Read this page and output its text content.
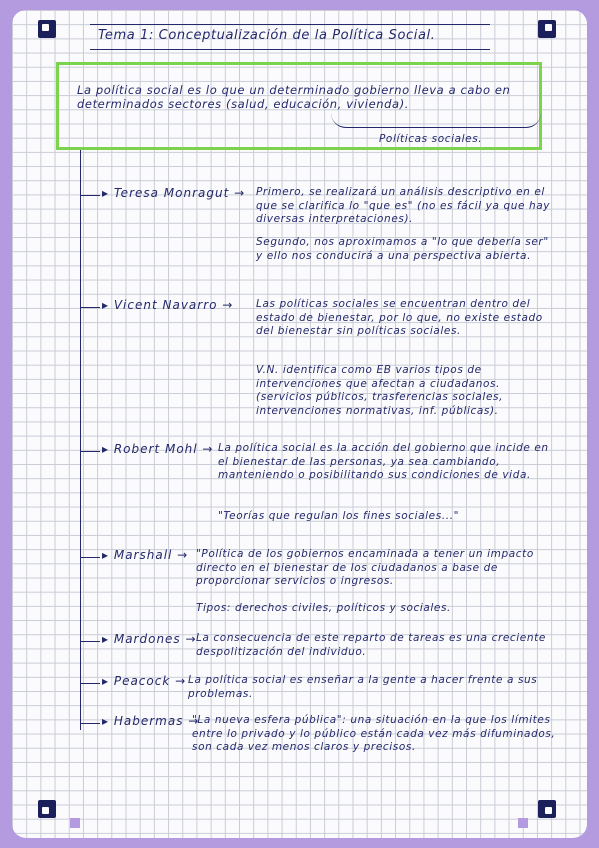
Tema 1: Conceptualización de la Política Social.
La política social es lo que un determinado gobierno lleva a cabo en determinados sectores (salud, educación, vivienda).
Políticas sociales.
▸ Teresa Monragut → Primero, se realizará un análisis descriptivo en el que se clarifica lo "que es" (no es fácil ya que hay diversas interpretaciones).
Segundo, nos aproximamos a "lo que debería ser" y ello nos conducirá a una perspectiva abierta.
▸ Vicent Navarro → Las políticas sociales se encuentran dentro del estado de bienestar, por lo que, no existe estado del bienestar sin políticas sociales.
V.N. identifica como EB varios tipos de intervenciones que afectan a ciudadanos. (servicios públicos, trasferencias sociales, intervenciones normativas, inf. públicas).
▸ Robert Mohl → La política social es la acción del gobierno que incide en el bienestar de las personas, ya sea cambiando, manteniendo o posibilitando sus condiciones de vida.
"Teorías que regulan los fines sociales..."
▸ Marshall → "Política de los gobiernos encaminada a tener un impacto directo en el bienestar de los ciudadanos a base de proporcionar servicios o ingresos.
Tipos: derechos civiles, políticos y sociales.
▸ Mardones → La consecuencia de este reparto de tareas es una creciente despolitización del individuo.
▸ Peacock → La política social es enseñar a la gente a hacer frente a sus problemas.
▸ Habermas →
"La nueva esfera pública": una situación en la que los límites entre lo privado y lo público están cada vez más difuminados, son cada vez menos claros y precisos.
